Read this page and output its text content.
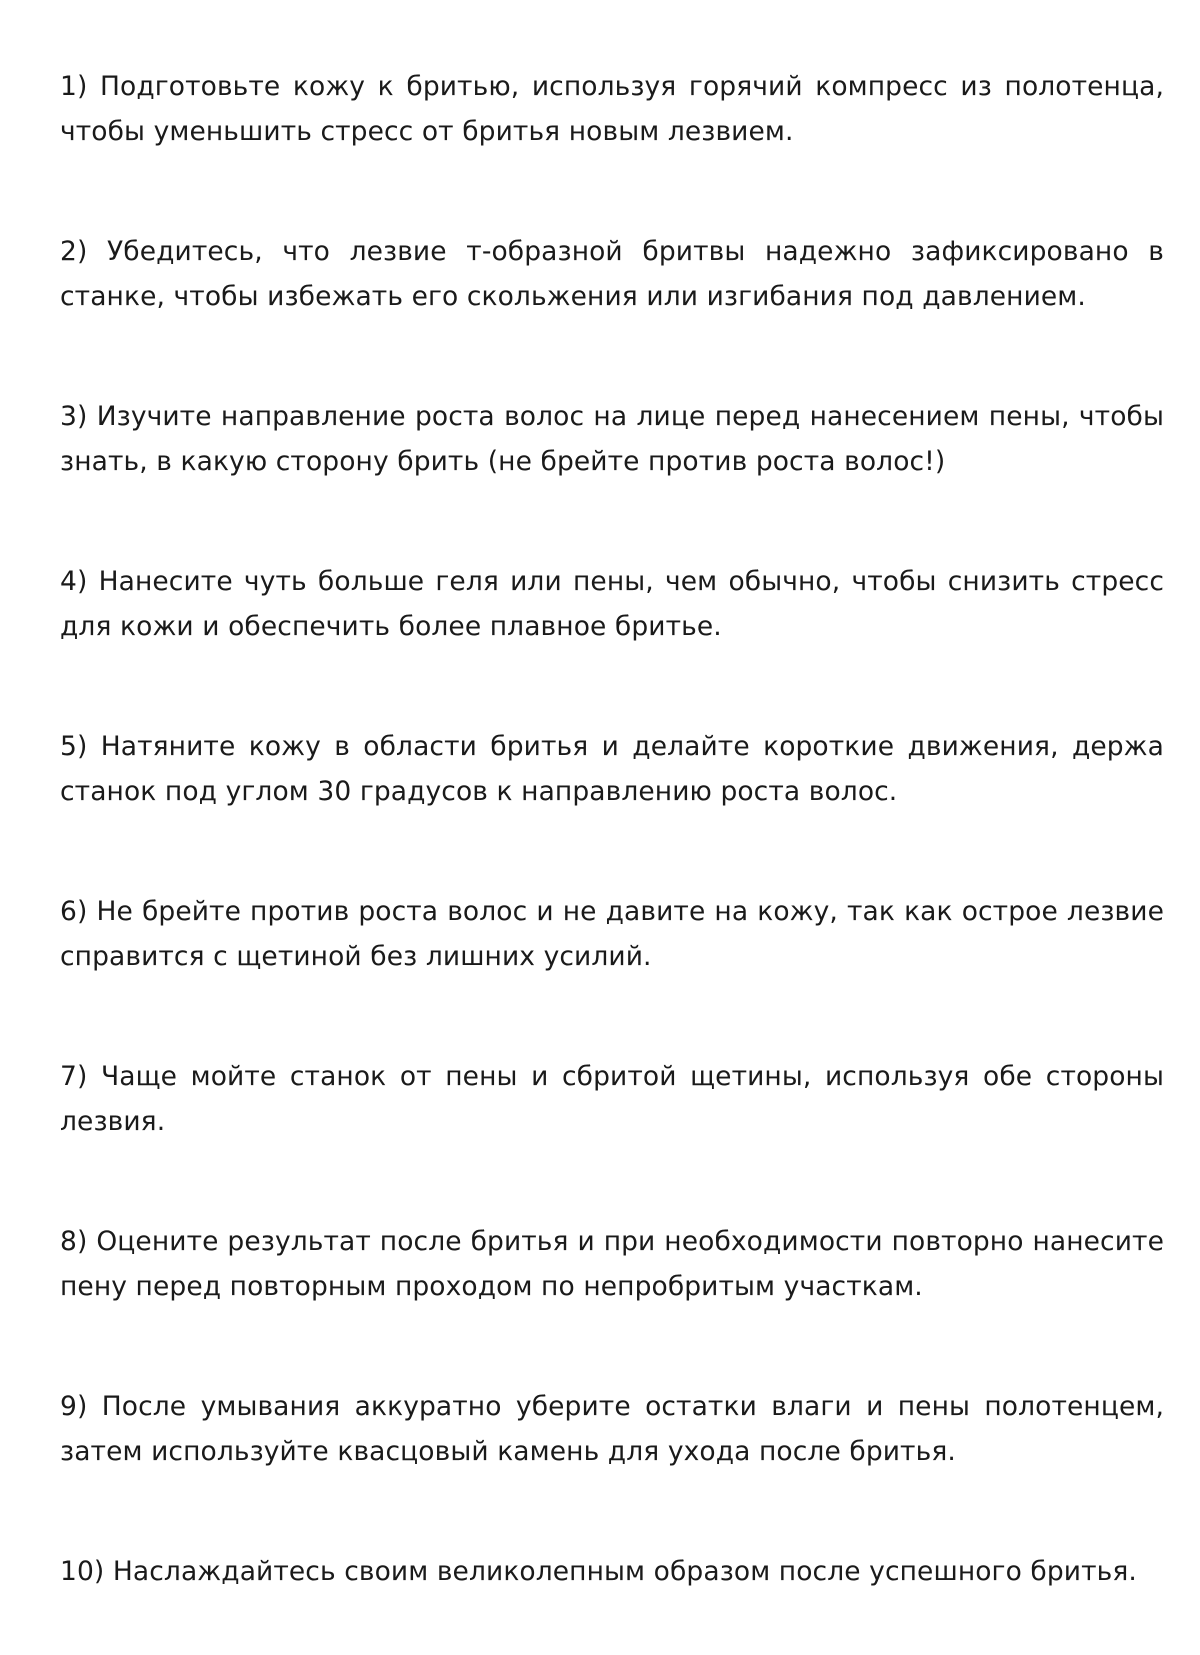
1) Подготовьте кожу к бритью, используя горячий компресс из полотенца, чтобы уменьшить стресс от бритья новым лезвием.

2) Убедитесь, что лезвие т-образной бритвы надежно зафиксировано в станке, чтобы избежать его скольжения или изгибания под давлением.

3) Изучите направление роста волос на лице перед нанесением пены, чтобы знать, в какую сторону брить (не брейте против роста волос!)

4) Нанесите чуть больше геля или пены, чем обычно, чтобы снизить стресс для кожи и обеспечить более плавное бритье.

5) Натяните кожу в области бритья и делайте короткие движения, держа станок под углом 30 градусов к направлению роста волос.

6) Не брейте против роста волос и не давите на кожу, так как острое лезвие справится с щетиной без лишних усилий.

7) Чаще мойте станок от пены и сбритой щетины, используя обе стороны лезвия.

8) Оцените результат после бритья и при необходимости повторно нанесите пену перед повторным проходом по непробритым участкам.

9) После умывания аккуратно уберите остатки влаги и пены полотенцем, затем используйте квасцовый камень для ухода после бритья.

10) Наслаждайтесь своим великолепным образом после успешного бритья.
